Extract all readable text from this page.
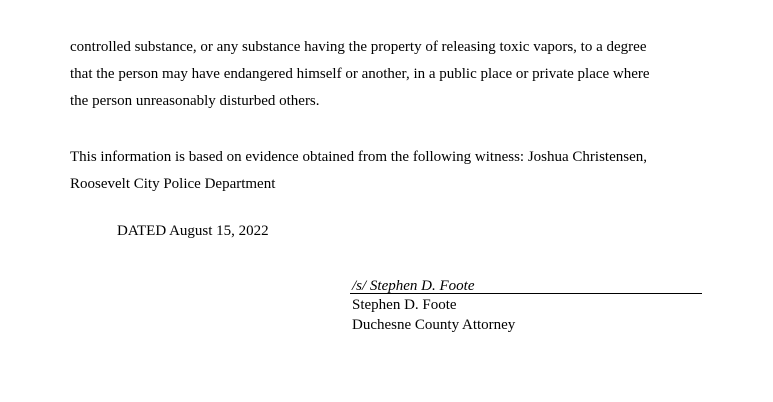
controlled substance, or any substance having the property of releasing toxic vapors, to a degree
that the person may have endangered himself or another, in a public place or private place where
the person unreasonably disturbed others.
This information is based on evidence obtained from the following witness: Joshua Christensen,
Roosevelt City Police Department
DATED August 15, 2022
/s/ Stephen D. Foote
Stephen D. Foote
Duchesne County Attorney
